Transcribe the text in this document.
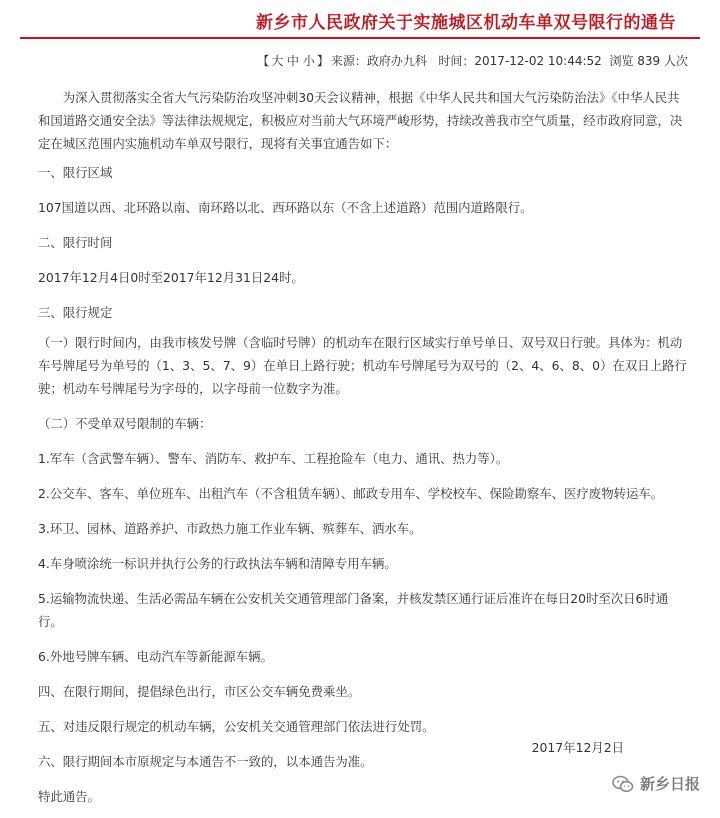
新乡市人民政府关于实施城区机动车单双号限行的通告
【 大 中 小 】 来源：政府办九科 时间：2017-12-02 10:44:52 浏览 839 人次

为深入贯彻落实全省大气污染防治攻坚冲刺30天会议精神，根据《中华人民共和国大气污染防治法》《中华人民共和国道路交通安全法》等法律法规规定，积极应对当前大气环境严峻形势，持续改善我市空气质量，经市政府同意，决定在城区范围内实施机动车单双号限行，现将有关事宜通告如下：

一、限行区域

107国道以西、北环路以南、南环路以北、西环路以东（不含上述道路）范围内道路限行。

二、限行时间

2017年12月4日0时至2017年12月31日24时。

三、限行规定

（一）限行时间内，由我市核发号牌（含临时号牌）的机动车在限行区域实行单号单日、双号双日行驶。具体为：机动车号牌尾号为单号的（1、3、5、7、9）在单日上路行驶；机动车号牌尾号为双号的（2、4、6、8、0）在双日上路行驶；机动车号牌尾号为字母的，以字母前一位数字为准。

（二）不受单双号限制的车辆：

1.军车（含武警车辆）、警车、消防车、救护车、工程抢险车（电力、通讯、热力等）。

2.公交车、客车、单位班车、出租汽车（不含租赁车辆）、邮政专用车、学校校车、保险勘察车、医疗废物转运车。

3.环卫、园林、道路养护、市政热力施工作业车辆、殡葬车、洒水车。

4.车身喷涂统一标识并执行公务的行政执法车辆和清障专用车辆。

5.运输物流快递、生活必需品车辆在公安机关交通管理部门备案，并核发禁区通行证后准许在每日20时至次日6时通行。

6.外地号牌车辆、电动汽车等新能源车辆。

四、在限行期间，提倡绿色出行，市区公交车辆免费乘坐。

五、对违反限行规定的机动车辆，公安机关交通管理部门依法进行处罚。

六、限行期间本市原规定与本通告不一致的，以本通告为准。

特此通告。

2017年12月2日
新乡日报
